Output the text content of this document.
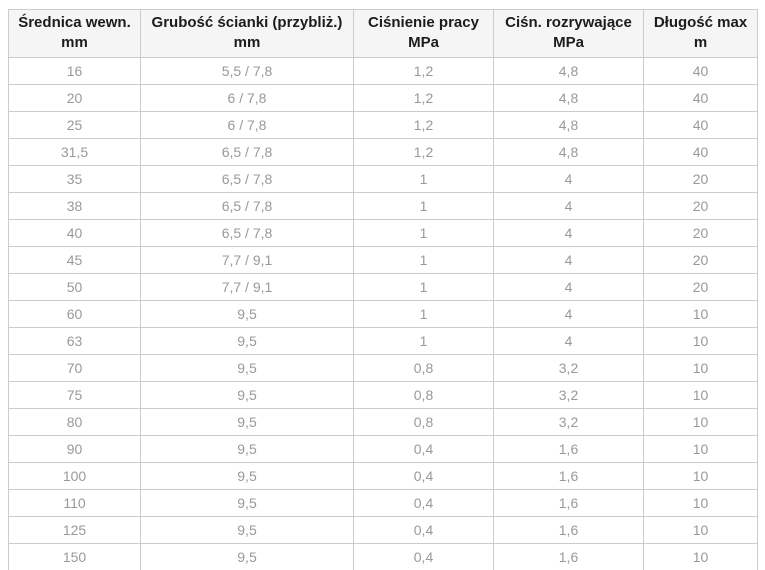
Średnica wewn.
mm	Grubość ścianki (przybliż.)
mm	Ciśnienie pracy
MPa	Ciśn. rozrywające
MPa	Długość max
m

16	5,5 / 7,8	1,2	4,8	40
20	6 / 7,8	1,2	4,8	40
25	6 / 7,8	1,2	4,8	40
31,5	6,5 / 7,8	1,2	4,8	40
35	6,5 / 7,8	1	4	20
38	6,5 / 7,8	1	4	20
40	6,5 / 7,8	1	4	20
45	7,7 / 9,1	1	4	20
50	7,7 / 9,1	1	4	20
60	9,5	1	4	10
63	9,5	1	4	10
70	9,5	0,8	3,2	10
75	9,5	0,8	3,2	10
80	9,5	0,8	3,2	10
90	9,5	0,4	1,6	10
100	9,5	0,4	1,6	10
110	9,5	0,4	1,6	10
125	9,5	0,4	1,6	10
150	9,5	0,4	1,6	10
